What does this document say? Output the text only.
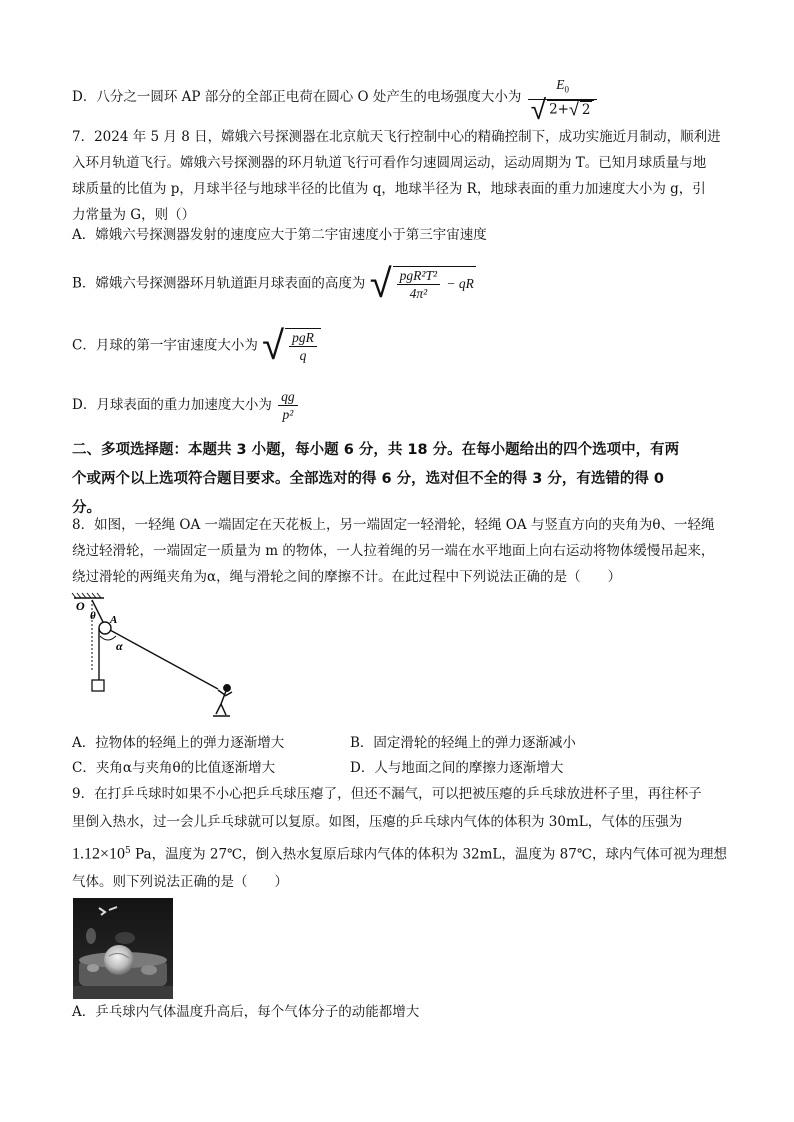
D．八分之一圆环 AP 部分的全部正电荷在圆心 O 处产生的电场强度大小为 $\frac{E_0}{√ 2+√ 2}$
7．2024 年 5 月 8 日，嫦娥六号探测器在北京航天飞行控制中心的精确控制下，成功实施近月制动，顺利进
入环月轨道飞行。嫦娥六号探测器的环月轨道飞行可看作匀速圆周运动，运动周期为 T。已知月球质量与地
球质量的比值为 p，月球半径与地球半径的比值为 q，地球半径为 R，地球表面的重力加速度大小为 g，引
力常量为 G，则（）
A．嫦娥六号探测器发射的速度应大于第二宇宙速度小于第三宇宙速度
B．嫦娥六号探测器环月轨道距月球表面的高度为 √ $\frac{\text{pgR²T²}}{\text{4π²}}$ − qR
C．月球的第一宇宙速度大小为 √ $\frac{\text{pgR}}{q}$
D．月球表面的重力加速度大小为 $\frac{qg}{\text{p²}}$
二、多项选择题：本题共 3 小题，每小题 6 分，共 18 分。在每小题给出的四个选项中，有两
个或两个以上选项符合题目要求。全部选对的得 6 分，选对但不全的得 3 分，有选错的得 0
分。
8．如图，一轻绳 OA 一端固定在天花板上，另一端固定一轻滑轮，轻绳 OA 与竖直方向的夹角为θ、一轻绳
绕过轻滑轮，一端固定一质量为 m 的物体，一人拉着绳的另一端在水平地面上向右运动将物体缓慢吊起来，
绕过滑轮的两绳夹角为α，绳与滑轮之间的摩擦不计。在此过程中下列说法正确的是（　　）
O
θ A
α
A．拉物体的轻绳上的弹力逐渐增大	B．固定滑轮的轻绳上的弹力逐渐减小
C．夹角α与夹角θ的比值逐渐增大	D．人与地面之间的摩擦力逐渐增大
9．在打乒乓球时如果不小心把乒乓球压瘪了，但还不漏气，可以把被压瘪的乒乓球放进杯子里，再往杯子
里倒入热水，过一会儿乒乓球就可以复原。如图，压瘪的乒乓球内气体的体积为 30mL，气体的压强为
$1.12\times 10^5$ Pa，温度为 27℃，倒入热水复原后球内气体的体积为 32mL，温度为 87℃，球内气体可视为理想
气体。则下列说法正确的是（　　）
A．乒乓球内气体温度升高后，每个气体分子的动能都增大
